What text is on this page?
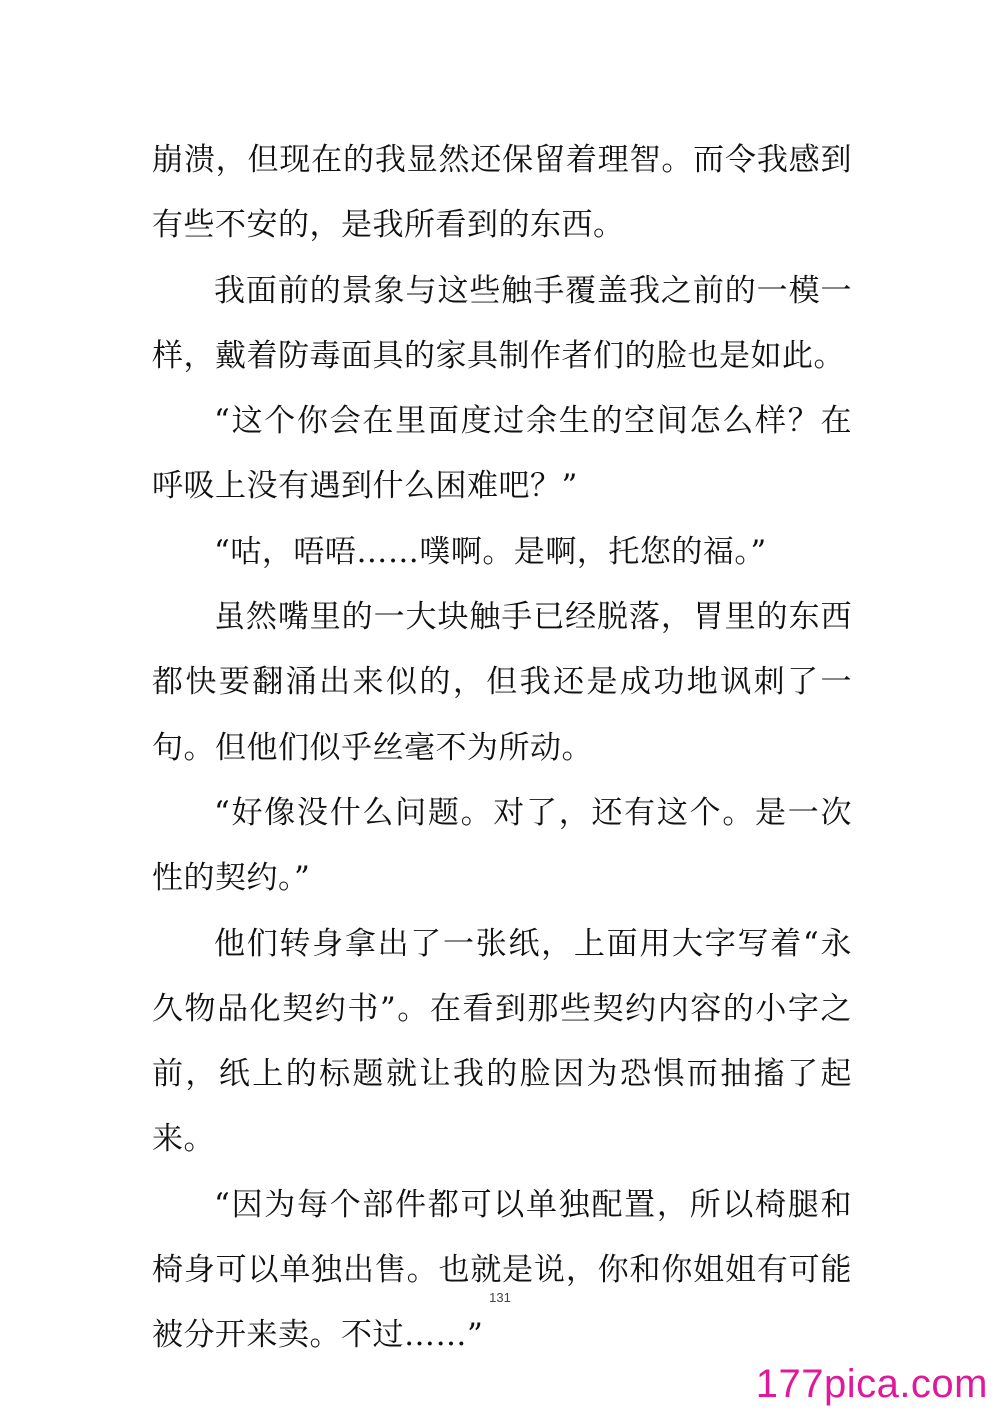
崩溃，但现在的我显然还保留着理智。而令我感到有些不安的，是我所看到的东西。

我面前的景象与这些触手覆盖我之前的一模一样，戴着防毒面具的家具制作者们的脸也是如此。

“这个你会在里面度过余生的空间怎么样？在呼吸上没有遇到什么困难吧？”

“咕，唔唔……噗啊。是啊，托您的福。”

虽然嘴里的一大块触手已经脱落，胃里的东西都快要翻涌出来似的，但我还是成功地讽刺了一句。但他们似乎丝毫不为所动。

“好像没什么问题。对了，还有这个。是一次性的契约。”

他们转身拿出了一张纸，上面用大字写着“永久物品化契约书”。在看到那些契约内容的小字之前，纸上的标题就让我的脸因为恐惧而抽搐了起来。

“因为每个部件都可以单独配置，所以椅腿和椅身可以单独出售。也就是说，你和你姐姐有可能被分开来卖。不过……”

131
177pica.com
